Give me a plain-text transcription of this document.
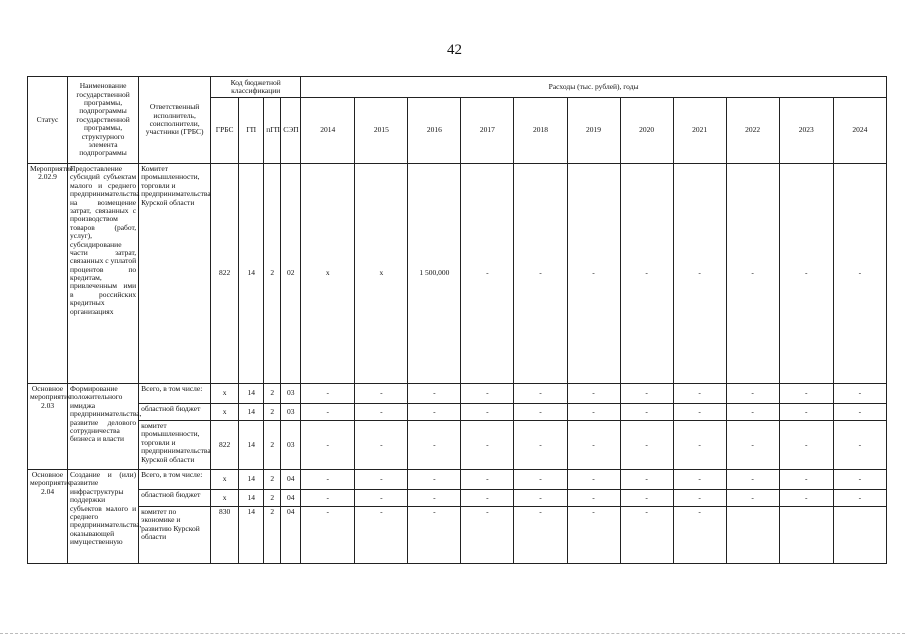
42
Статус	Наименование государственной программы, подпрограммы государственной программы, структурного элемента подпрограммы	Ответственный исполнитель, соисполнители, участники (ГРБС)	Код бюджетной классификации				Расходы (тыс. рублей), годы										
			ГРБС	ГП	пГП	СЭП	2014	2015	2016	2017	2018	2019	2020	2021	2022	2023	2024
Мероприятие 2.02.9	Предоставление субсидий субъектам малого и среднего предпринимательства на возмещение затрат, связанных с производством товаров (работ, услуг), субсидирование части затрат, связанных с уплатой процентов по кредитам, привлеченным ими в российских кредитных организациях	Комитет промышленности, торговли и предпринимательства Курской области	822	14	2	02	х	х	1 500,000	-	-	-	-	-	-	-	-
Основное мероприятие 2.03	Формирование положительного имиджа предпринимательства, развитие делового сотрудничества бизнеса и власти	Всего, в том числе:	х	14	2	03	-	-	-	-	-	-	-	-	-	-	-
		областной бюджет	х	14	2	03	-	-	-	-	-	-	-	-	-	-	-
		комитет промышленности, торговли и предпринимательства Курской области	822	14	2	03	-	-	-	-	-	-	-	-	-	-	-
Основное мероприятие 2.04	Создание и (или) развитие инфраструктуры поддержки субъектов малого и среднего предпринимательства, оказывающей имущественную	Всего, в том числе:	х	14	2	04	-	-	-	-	-	-	-	-	-	-	-
		областной бюджет	х	14	2	04	-	-	-	-	-	-	-	-	-	-	-
		комитет по экономике и развитию Курской области	830	14	2	04	-	-	-	-	-	-	-	-			
